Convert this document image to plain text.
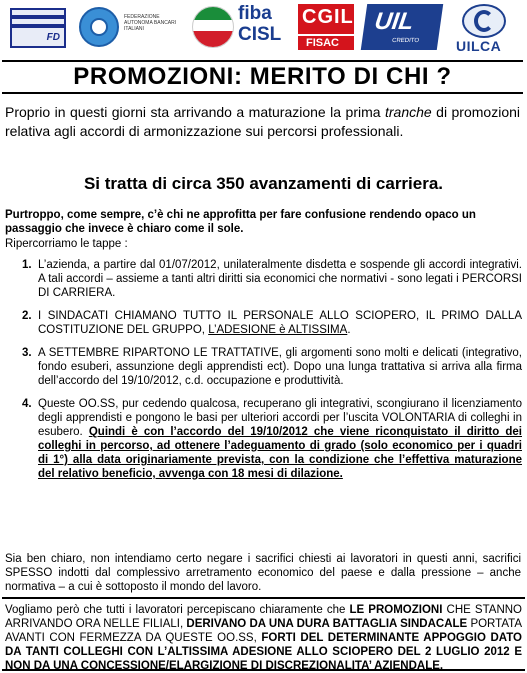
FD
FEDERAZIONE AUTONOMA BANCARI ITALIANI
fiba
CISL
CGIL
FISAC
UIL
CREDITO	UILCA
PROMOZIONI: MERITO DI CHI ?

Proprio in questi giorni sta arrivando a maturazione la prima tranche di promozioni relativa agli accordi di armonizzazione sui percorsi professionali.

Si tratta di circa 350 avanzamenti di carriera.

Purtroppo, come sempre, c’è chi ne approfitta per fare confusione rendendo opaco un passaggio che invece è chiaro come il sole.

Ripercorriamo le tappe :

1. L’azienda, a partire dal 01/07/2012, unilateralmente disdetta e sospende gli accordi integrativi. A tali accordi – assieme a tanti altri diritti sia economici che normativi - sono legati i PERCORSI DI CARRIERA.
2. I SINDACATI CHIAMANO TUTTO IL PERSONALE ALLO SCIOPERO, IL PRIMO DALLA COSTITUZIONE DEL GRUPPO, L’ADESIONE è ALTISSIMA.
3. A SETTEMBRE RIPARTONO LE TRATTATIVE, gli argomenti sono molti e delicati (integrativo, fondo esuberi, assunzione degli apprendisti ect). Dopo una lunga trattativa si arriva alla firma dell’accordo del 19/10/2012, c.d. occupazione e produttività.
4. Queste OO.SS, pur cedendo qualcosa, recuperano gli integrativi, scongiurano il licenziamento degli apprendisti e pongono le basi per ulteriori accordi per l’uscita VOLONTARIA di colleghi in esubero. Quindi è con l’accordo del 19/10/2012 che viene riconquistato il diritto dei colleghi in percorso, ad ottenere l’adeguamento di grado (solo economico per i quadri di 1°) alla data originariamente prevista, con la condizione che l’effettiva maturazione del relativo beneficio, avvenga con 18 mesi di dilazione.

Sia ben chiaro, non intendiamo certo negare i sacrifici chiesti ai lavoratori in questi anni, sacrifici SPESSO indotti dal complessivo arretramento economico del paese e dalla pressione – anche normativa – a cui è sottoposto il mondo del lavoro.

Vogliamo però che tutti i lavoratori percepiscano chiaramente che LE PROMOZIONI CHE STANNO ARRIVANDO ORA NELLE FILIALI, DERIVANO DA UNA DURA BATTAGLIA SINDACALE PORTATA AVANTI CON FERMEZZA DA QUESTE OO.SS, FORTI DEL DETERMINANTE APPOGGIO DATO DA TANTI COLLEGHI CON L’ALTISSIMA ADESIONE ALLO SCIOPERO DEL 2 LUGLIO 2012 E NON DA UNA CONCESSIONE/ELARGIZIONE DI DISCREZIONALITA’ AZIENDALE.
